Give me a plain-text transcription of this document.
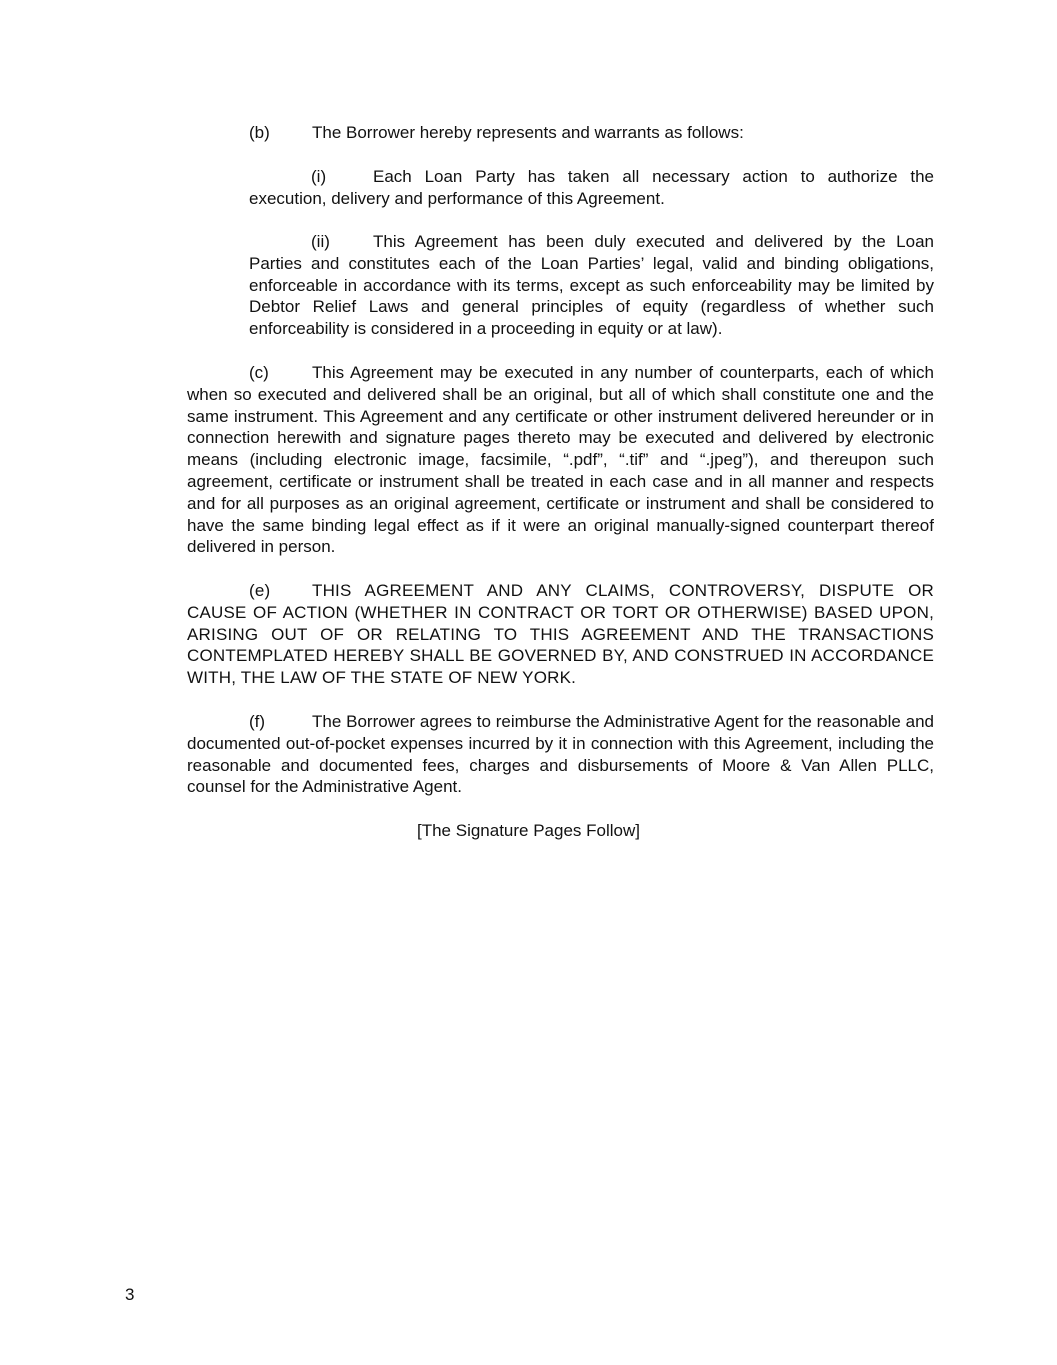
(b) The Borrower hereby represents and warrants as follows:
(i)	Each Loan Party has taken all necessary action to authorize the execution, delivery and performance of this Agreement.
(ii)	This Agreement has been duly executed and delivered by the Loan Parties and constitutes each of the Loan Parties’ legal, valid and binding obligations, enforceable in accordance with its terms, except as such enforceability may be limited by Debtor Relief Laws and general principles of equity (regardless of whether such enforceability is considered in a proceeding in equity or at law).
(c)	This Agreement may be executed in any number of counterparts, each of which when so executed and delivered shall be an original, but all of which shall constitute one and the same instrument. This Agreement and any certificate or other instrument delivered hereunder or in connection herewith and signature pages thereto may be executed and delivered by electronic means (including electronic image, facsimile, “.pdf”, “.tif” and “.jpeg”), and thereupon such agreement, certificate or instrument shall be treated in each case and in all manner and respects and for all purposes as an original agreement, certificate or instrument and shall be considered to have the same binding legal effect as if it were an original manually-signed counterpart thereof delivered in person.
(e) THIS AGREEMENT AND ANY CLAIMS, CONTROVERSY, DISPUTE OR CAUSE OF ACTION (WHETHER IN CONTRACT OR TORT OR OTHERWISE) BASED UPON, ARISING OUT OF OR RELATING TO THIS AGREEMENT AND THE TRANSACTIONS CONTEMPLATED HEREBY SHALL BE GOVERNED BY, AND CONSTRUED IN ACCORDANCE WITH, THE LAW OF THE STATE OF NEW YORK.
(f)	The Borrower agrees to reimburse the Administrative Agent for the reasonable and documented out-of-pocket expenses incurred by it in connection with this Agreement, including the reasonable and documented fees, charges and disbursements of Moore & Van Allen PLLC, counsel for the Administrative Agent.
[The Signature Pages Follow]
3
